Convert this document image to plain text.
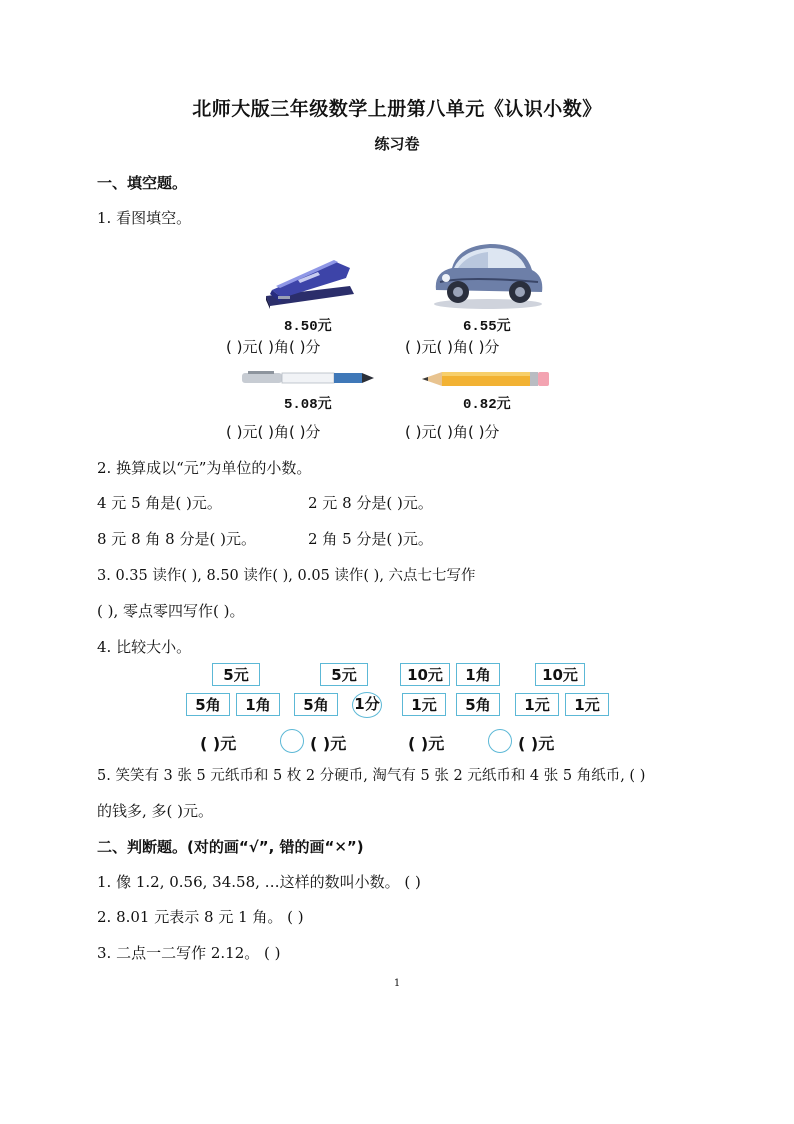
北师大版三年级数学上册第八单元《认识小数》
练习卷
一、填空题。
1. 看图填空。
8.50元	6.55元
( )元( )角( )分	( )元( )角( )分
5.08元	0.82元
( )元( )角( )分	( )元( )角( )分
2. 换算成以“元”为单位的小数。
4 元 5 角是( )元。	2 元 8 分是( )元。
8 元 8 角 8 分是( )元。	2 角 5 分是( )元。
3. 0.35 读作( ), 8.50 读作( ), 0.05 读作( ), 六点七七写作
( ), 零点零四写作( )。
4. 比较大小。
5元
5角	1角
5元
5角	1分
10元	1角
1元	5角
10元
1元	1元
( )元	( )元	( )元	( )元
5. 笑笑有 3 张 5 元纸币和 5 枚 2 分硬币, 淘气有 5 张 2 元纸币和 4 张 5 角纸币, ( )
的钱多, 多( )元。
二、判断题。(对的画“√”, 错的画“✕”)
1. 像 1.2, 0.56, 34.58, …这样的数叫小数。 ( )
2. 8.01 元表示 8 元 1 角。 ( )
3. 二点一二写作 2.12。 ( )
1
